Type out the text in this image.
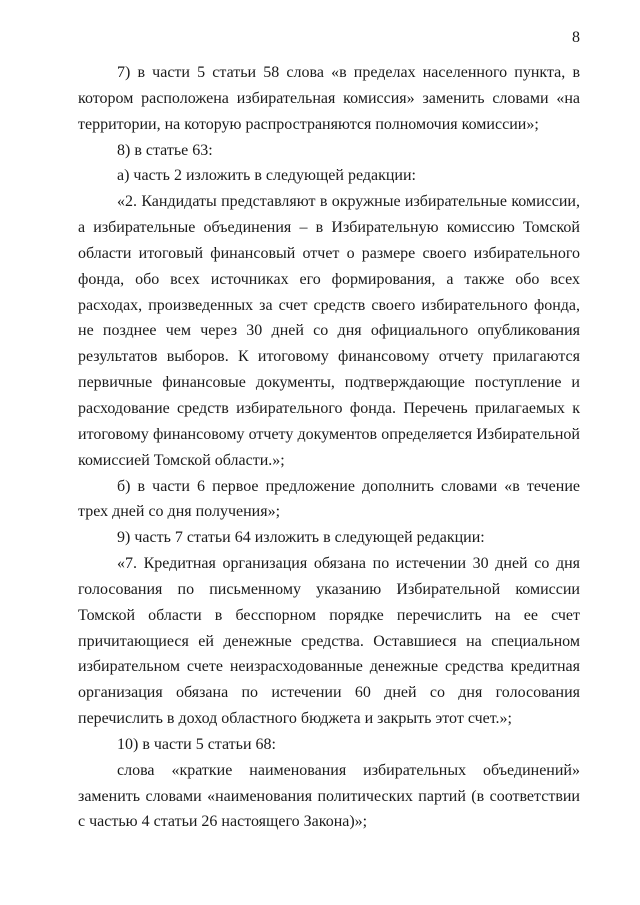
8

7) в части 5 статьи 58 слова «в пределах населенного пункта, в котором расположена избирательная комиссия» заменить словами «на территории, на которую распространяются полномочия комиссии»;

8) в статье 63:

а) часть 2 изложить в следующей редакции:

«2. Кандидаты представляют в окружные избирательные комиссии, а избирательные объединения – в Избирательную комиссию Томской области итоговый финансовый отчет о размере своего избирательного фонда, обо всех источниках его формирования, а также обо всех расходах, произведенных за счет средств своего избирательного фонда, не позднее чем через 30 дней со дня официального опубликования результатов выборов. К итоговому финансовому отчету прилагаются первичные финансовые документы, подтверждающие поступление и расходование средств избирательного фонда. Перечень прилагаемых к итоговому финансовому отчету документов определяется Избирательной комиссией Томской области.»;

б) в части 6 первое предложение дополнить словами «в течение трех дней со дня получения»;

9) часть 7 статьи 64 изложить в следующей редакции:

«7. Кредитная организация обязана по истечении 30 дней со дня голосования по письменному указанию Избирательной комиссии Томской области в бесспорном порядке перечислить на ее счет причитающиеся ей денежные средства. Оставшиеся на специальном избирательном счете неизрасходованные денежные средства кредитная организация обязана по истечении 60 дней со дня голосования перечислить в доход областного бюджета и закрыть этот счет.»;

10) в части 5 статьи 68:

слова «краткие наименования избирательных объединений» заменить словами «наименования политических партий (в соответствии с частью 4 статьи 26 настоящего Закона)»;
